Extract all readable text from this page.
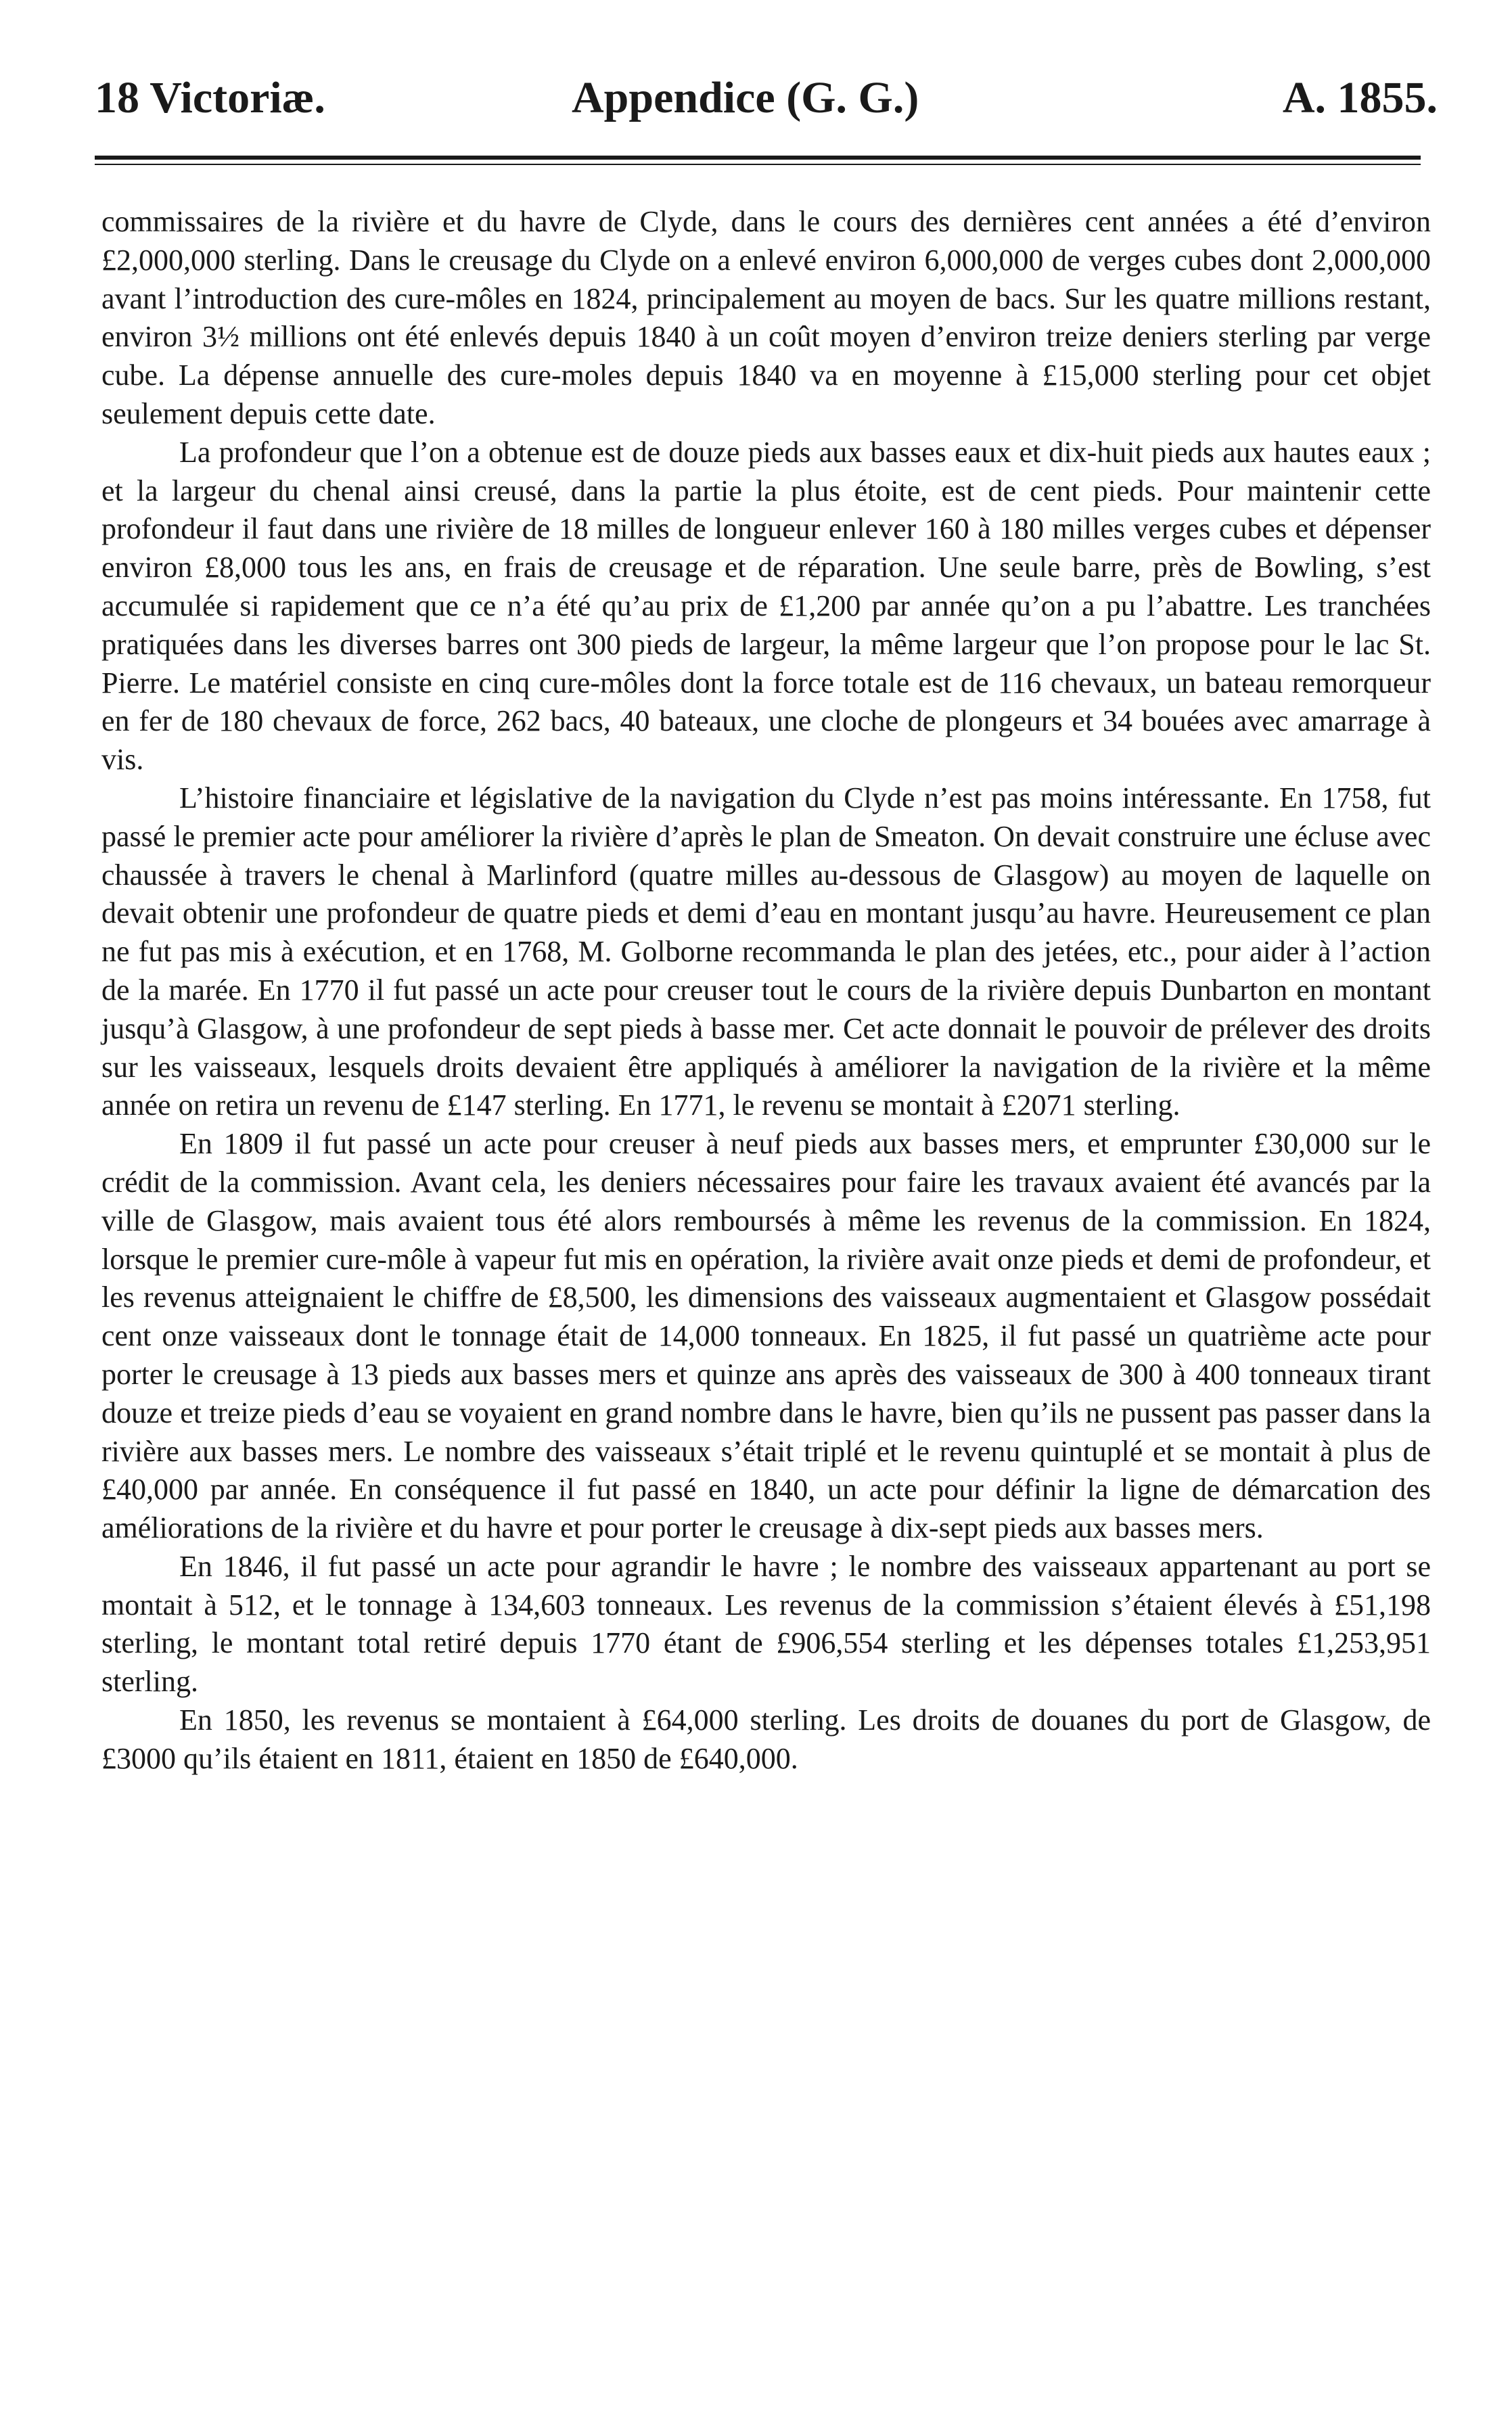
18 Victoriæ.	Appendice (G. G.)	A. 1855.

commissaires de la rivière et du havre de Clyde, dans le cours des dernières cent années a été d’environ £2,000,000 sterling. Dans le creusage du Clyde on a enlevé environ 6,000,000 de verges cubes dont 2,000,000 avant l’introduction des cure-môles en 1824, principalement au moyen de bacs. Sur les quatre millions restant, environ 3½ millions ont été enlevés depuis 1840 à un coût moyen d’environ treize deniers sterling par verge cube. La dépense annuelle des cure-moles depuis 1840 va en moyenne à £15,000 sterling pour cet objet seulement depuis cette date.

La profondeur que l’on a obtenue est de douze pieds aux basses eaux et dix-huit pieds aux hautes eaux ; et la largeur du chenal ainsi creusé, dans la partie la plus étoite, est de cent pieds. Pour maintenir cette profondeur il faut dans une rivière de 18 milles de longueur enlever 160 à 180 milles verges cubes et dépenser environ £8,000 tous les ans, en frais de creusage et de réparation. Une seule barre, près de Bowling, s’est accumulée si rapidement que ce n’a été qu’au prix de £1,200 par année qu’on a pu l’abattre. Les tranchées pratiquées dans les diverses barres ont 300 pieds de largeur, la même largeur que l’on propose pour le lac St. Pierre. Le matériel consiste en cinq cure-môles dont la force totale est de 116 chevaux, un bateau remorqueur en fer de 180 chevaux de force, 262 bacs, 40 bateaux, une cloche de plongeurs et 34 bouées avec amarrage à vis.

L’histoire financiaire et législative de la navigation du Clyde n’est pas moins intéressante. En 1758, fut passé le premier acte pour améliorer la rivière d’après le plan de Smeaton. On devait construire une écluse avec chaussée à travers le chenal à Marlinford (quatre milles au-dessous de Glasgow) au moyen de laquelle on devait obtenir une profondeur de quatre pieds et demi d’eau en montant jusqu’au havre. Heureusement ce plan ne fut pas mis à exécution, et en 1768, M. Golborne recommanda le plan des jetées, etc., pour aider à l’action de la marée. En 1770 il fut passé un acte pour creuser tout le cours de la rivière depuis Dunbarton en montant jusqu’à Glasgow, à une profondeur de sept pieds à basse mer. Cet acte donnait le pouvoir de prélever des droits sur les vaisseaux, lesquels droits devaient être appliqués à améliorer la navigation de la rivière et la même année on retira un revenu de £147 sterling. En 1771, le revenu se montait à £2071 sterling.

En 1809 il fut passé un acte pour creuser à neuf pieds aux basses mers, et emprunter £30,000 sur le crédit de la commission. Avant cela, les deniers nécessaires pour faire les travaux avaient été avancés par la ville de Glasgow, mais avaient tous été alors remboursés à même les revenus de la commission. En 1824, lorsque le premier cure-môle à vapeur fut mis en opération, la rivière avait onze pieds et demi de profondeur, et les revenus atteignaient le chiffre de £8,500, les dimensions des vaisseaux augmentaient et Glasgow possédait cent onze vaisseaux dont le tonnage était de 14,000 tonneaux. En 1825, il fut passé un quatrième acte pour porter le creusage à 13 pieds aux basses mers et quinze ans après des vaisseaux de 300 à 400 tonneaux tirant douze et treize pieds d’eau se voyaient en grand nombre dans le havre, bien qu’ils ne pussent pas passer dans la rivière aux basses mers. Le nombre des vaisseaux s’était triplé et le revenu quintuplé et se montait à plus de £40,000 par année. En conséquence il fut passé en 1840, un acte pour définir la ligne de démarcation des améliorations de la rivière et du havre et pour porter le creusage à dix-sept pieds aux basses mers.

En 1846, il fut passé un acte pour agrandir le havre ; le nombre des vaisseaux appartenant au port se montait à 512, et le tonnage à 134,603 tonneaux. Les revenus de la commission s’étaient élevés à £51,198 sterling, le montant total retiré depuis 1770 étant de £906,554 sterling et les dépenses totales £1,253,951 sterling.

En 1850, les revenus se montaient à £64,000 sterling. Les droits de douanes du port de Glasgow, de £3000 qu’ils étaient en 1811, étaient en 1850 de £640,000.
